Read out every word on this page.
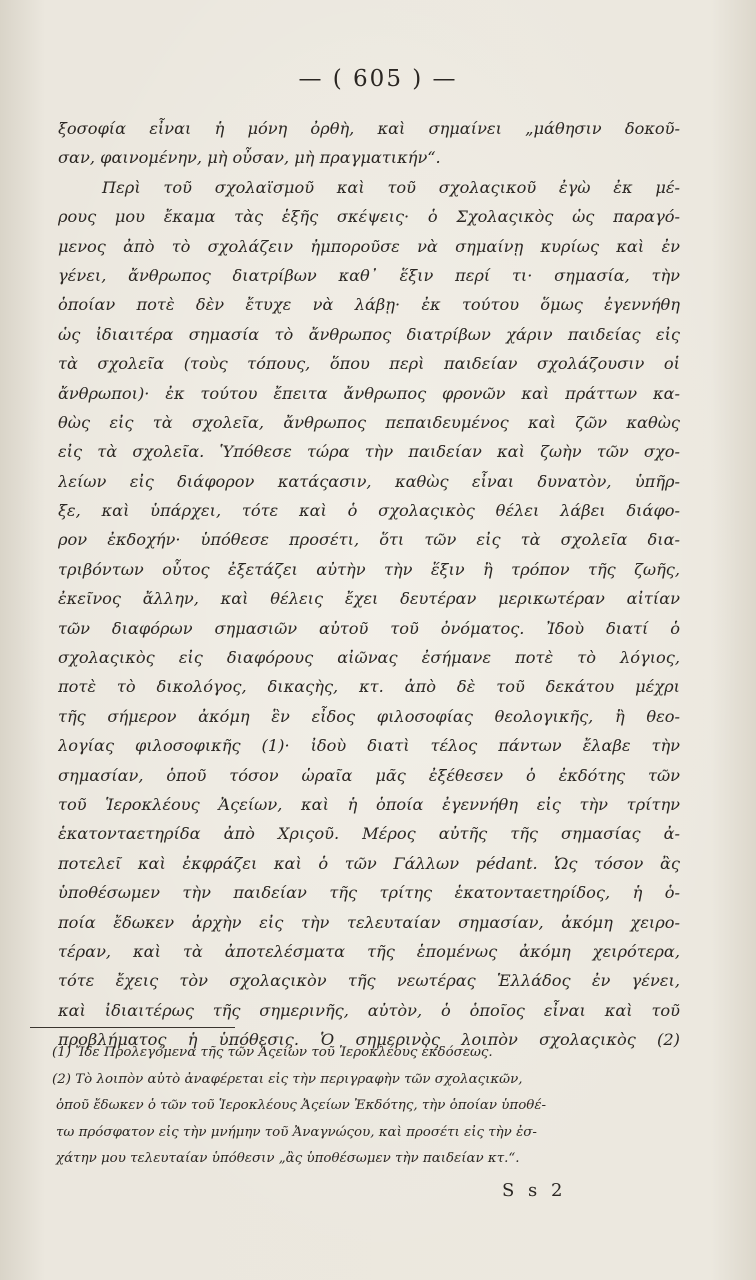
— ( 605 ) —
ξοσοφία εἶναι ἡ μόνη ὀρθὴ, καὶ σημαίνει „μάθησιν δοκοῦ-
σαν, φαινομένην, μὴ οὖσαν, μὴ πραγματικήν“.
Περὶ τοῦ σχολαϊσμοῦ καὶ τοῦ σχολαςικοῦ ἐγὼ ἐκ μέ-
ρους μου ἔκαμα τὰς ἑξῆς σκέψεις· ὁ Σχολαςικὸς ὡς παραγό-
μενος ἀπὸ τὸ σχολάζειν ἠμποροῦσε νὰ σημαίνῃ κυρίως καὶ ἐν
γένει, ἄνθρωπος διατρίβων καθ᾽ ἕξιν περί τι· σημασία, τὴν
ὁποίαν ποτὲ δὲν ἔτυχε νὰ λάβῃ· ἐκ τούτου ὅμως ἐγεννήθη
ὡς ἰδιαιτέρα σημασία τὸ ἄνθρωπος διατρίβων χάριν παιδείας εἰς
τὰ σχολεῖα (τοὺς τόπους, ὅπου περὶ παιδείαν σχολάζουσιν οἱ
ἄνθρωποι)· ἐκ τούτου ἔπειτα ἄνθρωπος φρονῶν καὶ πράττων κα-
θὼς εἰς τὰ σχολεῖα, ἄνθρωπος πεπαιδευμένος καὶ ζῶν καθὼς
εἰς τὰ σχολεῖα. Ὑπόθεσε τώρα τὴν παιδείαν καὶ ζωὴν τῶν σχο-
λείων εἰς διάφορον κατάςασιν, καθὼς εἶναι δυνατὸν, ὑπῆρ-
ξε, καὶ ὑπάρχει, τότε καὶ ὁ σχολαςικὸς θέλει λάβει διάφο-
ρον ἐκδοχήν· ὑπόθεσε προσέτι, ὅτι τῶν εἰς τὰ σχολεῖα δια-
τριβόντων οὗτος ἐξετάζει αὐτὴν τὴν ἕξιν ἢ τρόπον τῆς ζωῆς,
ἐκεῖνος ἄλλην, καὶ θέλεις ἔχει δευτέραν μερικωτέραν αἰτίαν
τῶν διαφόρων σημασιῶν αὐτοῦ τοῦ ὀνόματος. Ἰδοὺ διατί ὁ
σχολαςικὸς εἰς διαφόρους αἰῶνας ἐσήμανε ποτὲ τὸ λόγιος,
ποτὲ τὸ δικολόγος, δικαςὴς, κτ. ἀπὸ δὲ τοῦ δεκάτου μέχρι
τῆς σήμερον ἀκόμη ἓν εἶδος φιλοσοφίας θεολογικῆς, ἢ θεο-
λογίας φιλοσοφικῆς (1)· ἰδοὺ διατὶ τέλος πάντων ἔλαβε τὴν
σημασίαν, ὁποῦ τόσον ὡραῖα μᾶς ἐξέθεσεν ὁ ἐκδότης τῶν
τοῦ Ἱεροκλέους Ἀςείων, καὶ ἡ ὁποία ἐγεννήθη εἰς τὴν τρίτην
ἑκατονταετηρίδα ἀπὸ Χριςοῦ. Μέρος αὐτῆς τῆς σημασίας ἀ-
ποτελεῖ καὶ ἐκφράζει καὶ ὁ τῶν Γάλλων pédant. Ὡς τόσον ἂς
ὑποθέσωμεν τὴν παιδείαν τῆς τρίτης ἑκατονταετηρίδος, ἡ ὁ-
ποία ἔδωκεν ἀρχὴν εἰς τὴν τελευταίαν σημασίαν, ἀκόμη χειρο-
τέραν, καὶ τὰ ἀποτελέσματα τῆς ἑπομένως ἀκόμη χειρότερα,
τότε ἔχεις τὸν σχολαςικὸν τῆς νεωτέρας Ἑλλάδος ἐν γένει,
καὶ ἰδιαιτέρως τῆς σημερινῆς, αὐτὸν, ὁ ὁποῖος εἶναι καὶ τοῦ
προβλήματος ἡ ὑπόθεσις. Ὁ σημερινὸς λοιπὸν σχολαςικὸς (2)
(1) Ἴδε Προλεγόμενα τῆς τῶν Ἀςείων τοῦ Ἱεροκλέους ἐκδόσεως.
(2) Τὸ λοιπὸν αὐτὸ ἀναφέρεται εἰς τὴν περιγραφὴν τῶν σχολαςικῶν,
ὁποῦ ἔδωκεν ὁ τῶν τοῦ Ἱεροκλέους Ἀςείων Ἐκδότης, τὴν ὁποίαν ὑποθέ-
τω πρόσφατον εἰς τὴν μνήμην τοῦ Ἀναγνώςου, καὶ προσέτι εἰς τὴν ἐσ-
χάτην μου τελευταίαν ὑπόθεσιν „ἂς ὑποθέσωμεν τὴν παιδείαν κτ.“.
S s 2
